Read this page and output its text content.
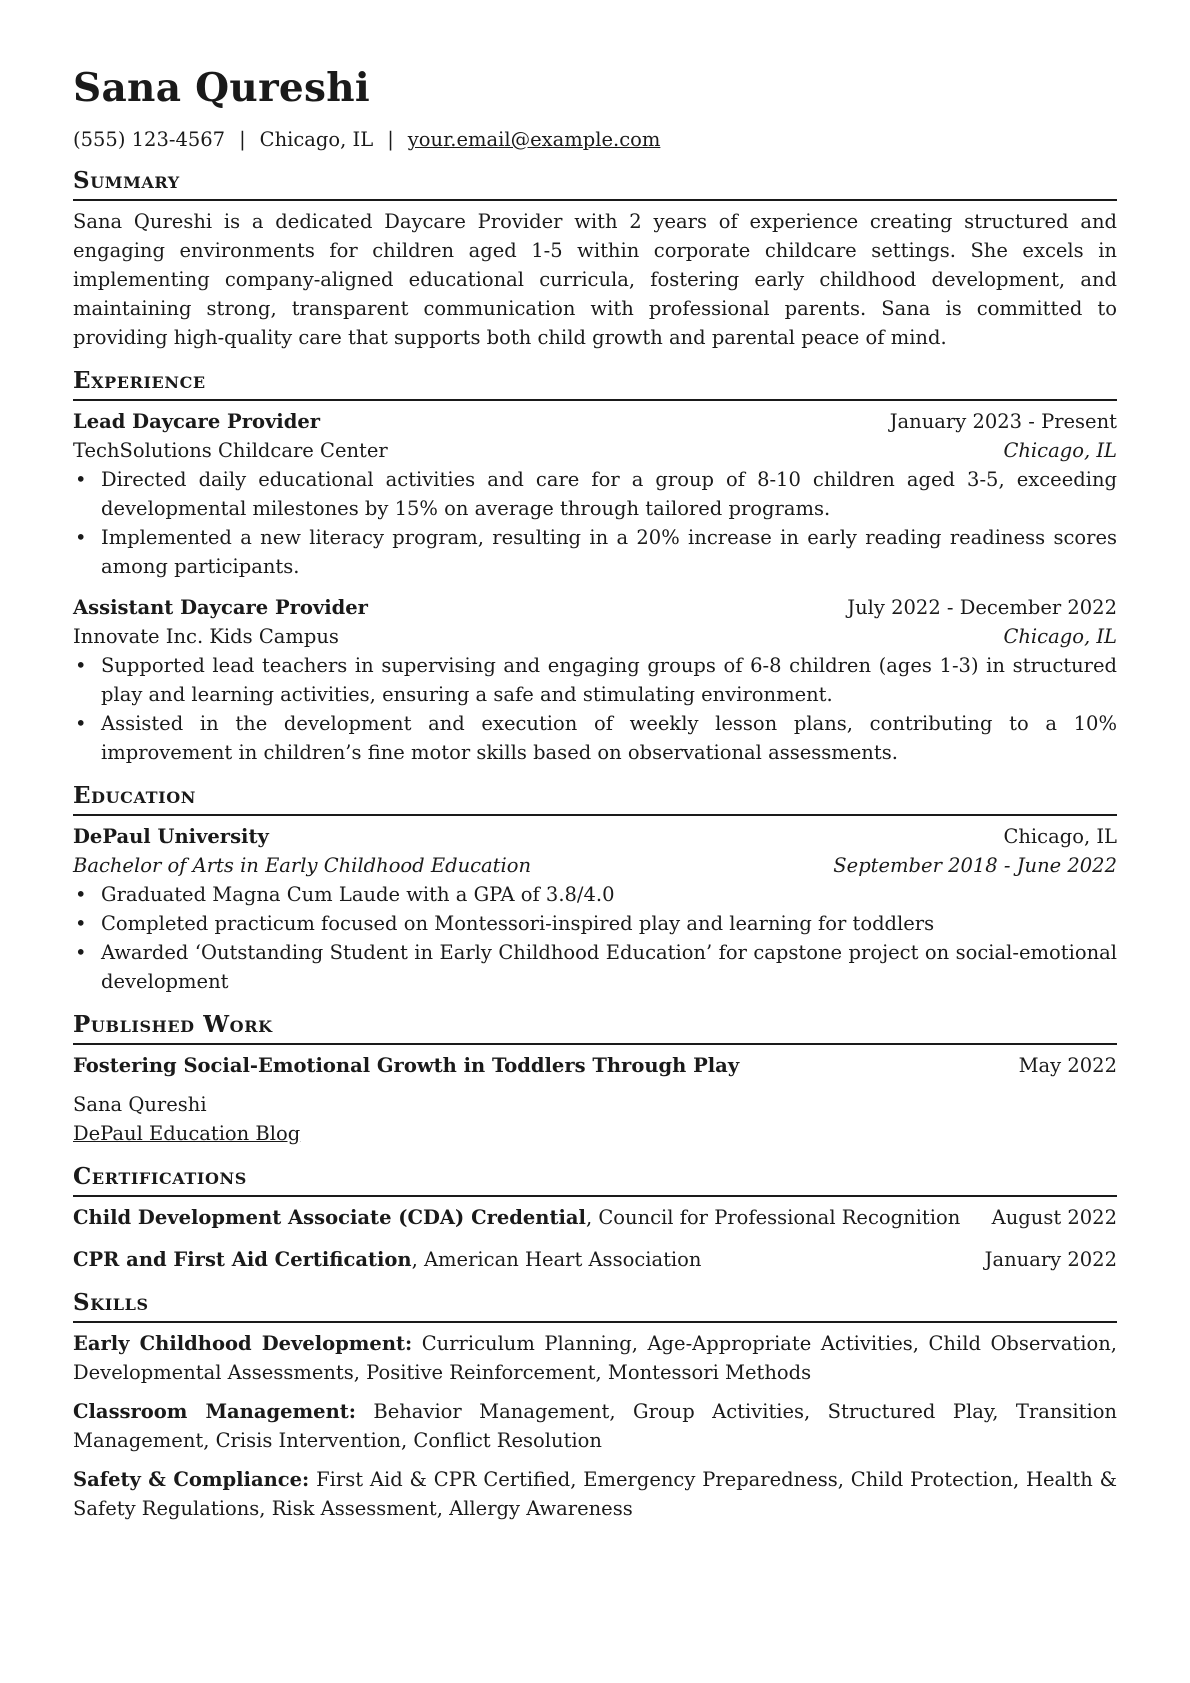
Sana Qureshi
(555) 123-4567 | Chicago, IL | your.email@example.com
Summary
Sana Qureshi is a dedicated Daycare Provider with 2 years of experience creating structured and engaging environments for children aged 1-5 within corporate childcare settings. She excels in implementing company-aligned educational curricula, fostering early childhood development, and maintaining strong, transparent communication with professional parents. Sana is committed to providing high-quality care that supports both child growth and parental peace of mind.
Experience
Lead Daycare Provider	January 2023 - Present
TechSolutions Childcare Center	Chicago, IL
• Directed daily educational activities and care for a group of 8-10 children aged 3-5, exceeding developmental milestones by 15% on average through tailored programs.
• Implemented a new literacy program, resulting in a 20% increase in early reading readiness scores among participants.
Assistant Daycare Provider	July 2022 - December 2022
Innovate Inc. Kids Campus	Chicago, IL
• Supported lead teachers in supervising and engaging groups of 6-8 children (ages 1-3) in structured play and learning activities, ensuring a safe and stimulating environment.
• Assisted in the development and execution of weekly lesson plans, contributing to a 10% improvement in children’s fine motor skills based on observational assessments.
Education
DePaul University	Chicago, IL
Bachelor of Arts in Early Childhood Education	September 2018 - June 2022
• Graduated Magna Cum Laude with a GPA of 3.8/4.0
• Completed practicum focused on Montessori-inspired play and learning for toddlers
• Awarded ‘Outstanding Student in Early Childhood Education’ for capstone project on social-emotional development
Published Work
Fostering Social-Emotional Growth in Toddlers Through Play	May 2022
Sana Qureshi
DePaul Education Blog
Certifications
Child Development Associate (CDA) Credential, Council for Professional Recognition August 2022
CPR and First Aid Certification, American Heart Association	January 2022
Skills
Early Childhood Development: Curriculum Planning, Age-Appropriate Activities, Child Observation, Developmental Assessments, Positive Reinforcement, Montessori Methods
Classroom Management: Behavior Management, Group Activities, Structured Play, Transition Management, Crisis Intervention, Conflict Resolution
Safety & Compliance: First Aid & CPR Certified, Emergency Preparedness, Child Protection, Health & Safety Regulations, Risk Assessment, Allergy Awareness
